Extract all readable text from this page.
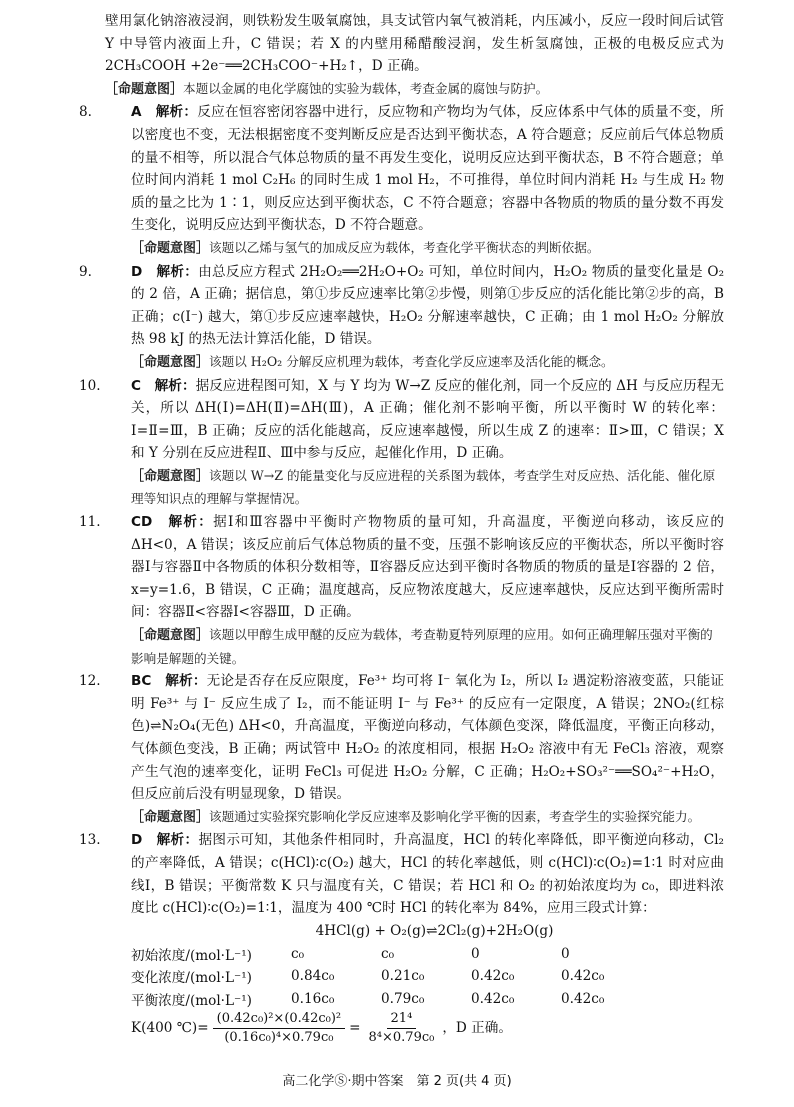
壁用氯化钠溶液浸润，则铁粉发生吸氧腐蚀，具支试管内氧气被消耗，内压减小，反应一段时间后试管 Y 中导管内液面上升，C 错误；若 X 的内壁用稀醋酸浸润，发生析氢腐蚀，正极的电极反应式为 2CH₃COOH +2e⁻══2CH₃COO⁻+H₂↑，D 正确。

［命题意图］本题以金属的电化学腐蚀的实验为载体，考查金属的腐蚀与防护。

8.	A　 解析：反应在恒容密闭容器中进行，反应物和产物均为气体，反应体系中气体的质量不变，所以密度也不变，无法根据密度不变判断反应是否达到平衡状态，A 符合题意；反应前后气体总物质的量不相等，所以混合气体总物质的量不再发生变化，说明反应达到平衡状态，B 不符合题意；单位时间内消耗 1 mol C₂H₆ 的同时生成 1 mol H₂，不可推得，单位时间内消耗 H₂ 与生成 H₂ 物质的量之比为 1∶1，则反应达到平衡状态，C 不符合题意；容器中各物质的物质的量分数不再发生变化，说明反应达到平衡状态，D 不符合题意。

［命题意图］该题以乙烯与氢气的加成反应为载体，考查化学平衡状态的判断依据。

9.	D　 解析：由总反应方程式 2H₂O₂══2H₂O+O₂ 可知，单位时间内，H₂O₂ 物质的量变化量是 O₂ 的 2 倍，A 正确；据信息，第①步反应速率比第②步慢，则第①步反应的活化能比第②步的高，B 正确；c(I⁻) 越大，第①步反应速率越快，H₂O₂ 分解速率越快，C 正确；由 1 mol H₂O₂ 分解放热 98 kJ 的热无法计算活化能，D 错误。

［命题意图］该题以 H₂O₂ 分解反应机理为载体，考查化学反应速率及活化能的概念。

10. C　 解析：据反应进程图可知，X 与 Y 均为 W→Z 反应的催化剂，同一个反应的 ΔH 与反应历程无关，所以 ΔH(Ⅰ)=ΔH(Ⅱ)=ΔH(Ⅲ)，A 正确；催化剂不影响平衡，所以平衡时 W 的转化率：Ⅰ=Ⅱ=Ⅲ，B 正确；反应的活化能越高，反应速率越慢，所以生成 Z 的速率：Ⅱ>Ⅲ，C 错误；X 和 Y 分别在反应进程Ⅱ、Ⅲ中参与反应，起催化作用，D 正确。

［命题意图］该题以 W→Z 的能量变化与反应进程的关系图为载体，考查学生对反应热、活化能、催化原理等知识点的理解与掌握情况。

11. CD　 解析：据Ⅰ和Ⅲ容器中平衡时产物物质的量可知，升高温度，平衡逆向移动，该反应的 ΔH<0，A 错误；该反应前后气体总物质的量不变，压强不影响该反应的平衡状态，所以平衡时容器Ⅰ与容器Ⅱ中各物质的体积分数相等，Ⅱ容器反应达到平衡时各物质的物质的量是Ⅰ容器的 2 倍，x=y=1.6，B 错误，C 正确；温度越高，反应物浓度越大，反应速率越快，反应达到平衡所需时间：容器Ⅱ<容器Ⅰ<容器Ⅲ，D 正确。

［命题意图］该题以甲醇生成甲醚的反应为载体，考查勒夏特列原理的应用。如何正确理解压强对平衡的影响是解题的关键。

12. BC　 解析：无论是否存在反应限度，Fe³⁺ 均可将 I⁻ 氧化为 I₂，所以 I₂ 遇淀粉溶液变蓝，只能证明 Fe³⁺ 与 I⁻ 反应生成了 I₂，而不能证明 I⁻ 与 Fe³⁺ 的反应有一定限度，A 错误；2NO₂(红棕色)⇌N₂O₄(无色) ΔH<0，升高温度，平衡逆向移动，气体颜色变深，降低温度，平衡正向移动，气体颜色变浅，B 正确；两试管中 H₂O₂ 的浓度相同，根据 H₂O₂ 溶液中有无 FeCl₃ 溶液，观察产生气泡的速率变化，证明 FeCl₃ 可促进 H₂O₂ 分解，C 正确；H₂O₂+SO₃²⁻══SO₄²⁻+H₂O，但反应前后没有明显现象，D 错误。

［命题意图］该题通过实验探究影响化学反应速率及影响化学平衡的因素，考查学生的实验探究能力。

13. D　 解析：据图示可知，其他条件相同时，升高温度，HCl 的转化率降低，即平衡逆向移动，Cl₂ 的产率降低，A 错误；c(HCl)∶c(O₂) 越大，HCl 的转化率越低，则 c(HCl)∶c(O₂)=1∶1 时对应曲线Ⅰ，B 错误；平衡常数 K 只与温度有关，C 错误；若 HCl 和 O₂ 的初始浓度均为 c₀，即进料浓度比 c(HCl)∶c(O₂)=1∶1，温度为 400 ℃时 HCl 的转化率为 84%，应用三段式计算：

4HCl(g) + O₂(g)⇌2Cl₂(g)+2H₂O(g)

初始浓度/(mol·L⁻¹)	c₀	c₀	0	0
变化浓度/(mol·L⁻¹)	0.84c₀	0.21c₀	0.42c₀	0.42c₀
平衡浓度/(mol·L⁻¹)	0.16c₀	0.79c₀	0.42c₀	0.42c₀
K(400 ℃)= $\frac{\text{(0.42c₀)²×(0.42c₀)²}}{\text{(0.16c₀)⁴×0.79c₀}} = \frac{\text{21⁴}}{\text{8⁴×0.79c₀}}$ ，D 正确。
高二化学Ⓢ·期中答案　第 2 页(共 4 页)
